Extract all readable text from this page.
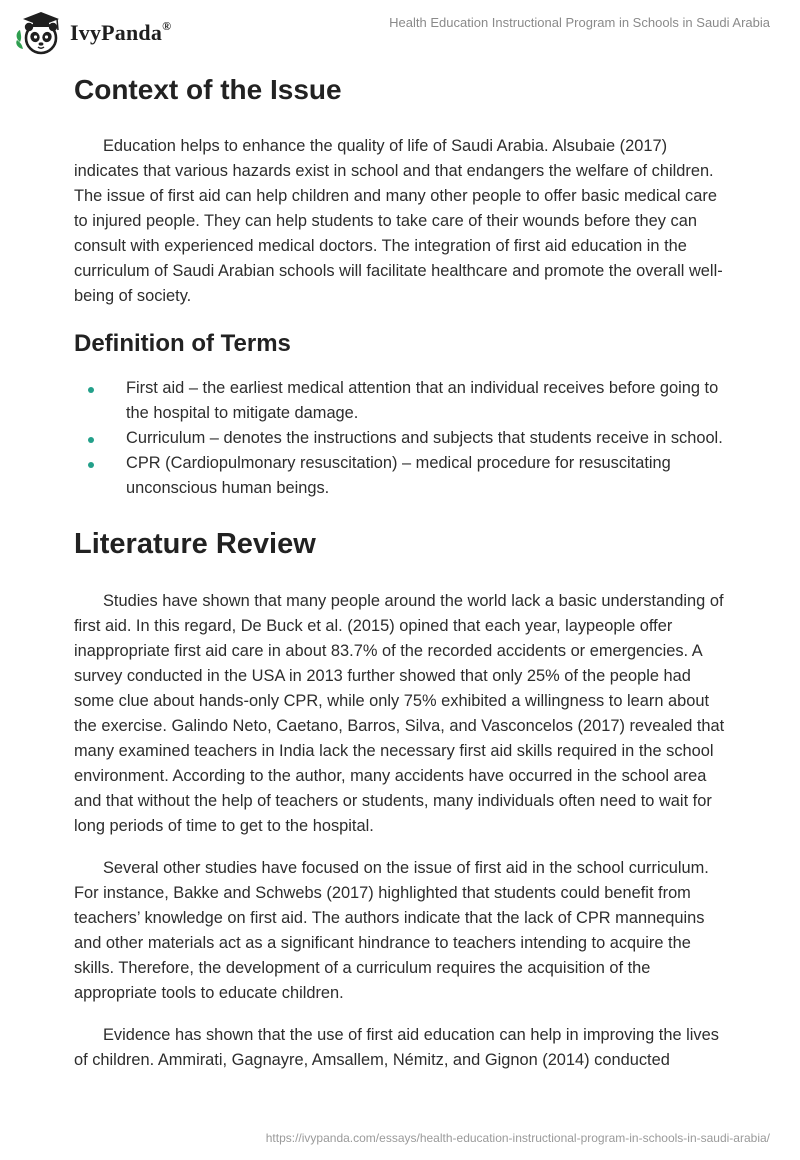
IvyPanda®	Health Education Instructional Program in Schools in Saudi Arabia
Context of the Issue

Education helps to enhance the quality of life of Saudi Arabia. Alsubaie (2017) indicates that various hazards exist in school and that endangers the welfare of children. The issue of first aid can help children and many other people to offer basic medical care to injured people. They can help students to take care of their wounds before they can consult with experienced medical doctors. The integration of first aid education in the curriculum of Saudi Arabian schools will facilitate healthcare and promote the overall well-being of society.

Definition of Terms
First aid – the earliest medical attention that an individual receives before going to the hospital to mitigate damage.
Curriculum – denotes the instructions and subjects that students receive in school.
CPR (Cardiopulmonary resuscitation) – medical procedure for resuscitating unconscious human beings.
Literature Review

Studies have shown that many people around the world lack a basic understanding of first aid. In this regard, De Buck et al. (2015) opined that each year, laypeople offer inappropriate first aid care in about 83.7% of the recorded accidents or emergencies. A survey conducted in the USA in 2013 further showed that only 25% of the people had some clue about hands-only CPR, while only 75% exhibited a willingness to learn about the exercise. Galindo Neto, Caetano, Barros, Silva, and Vasconcelos (2017) revealed that many examined teachers in India lack the necessary first aid skills required in the school environment. According to the author, many accidents have occurred in the school area and that without the help of teachers or students, many individuals often need to wait for long periods of time to get to the hospital.

Several other studies have focused on the issue of first aid in the school curriculum. For instance, Bakke and Schwebs (2017) highlighted that students could benefit from teachers’ knowledge on first aid. The authors indicate that the lack of CPR mannequins and other materials act as a significant hindrance to teachers intending to acquire the skills. Therefore, the development of a curriculum requires the acquisition of the appropriate tools to educate children.

Evidence has shown that the use of first aid education can help in improving the lives of children. Ammirati, Gagnayre, Amsallem, Némitz, and Gignon (2014) conducted

https://ivypanda.com/essays/health-education-instructional-program-in-schools-in-saudi-arabia/
